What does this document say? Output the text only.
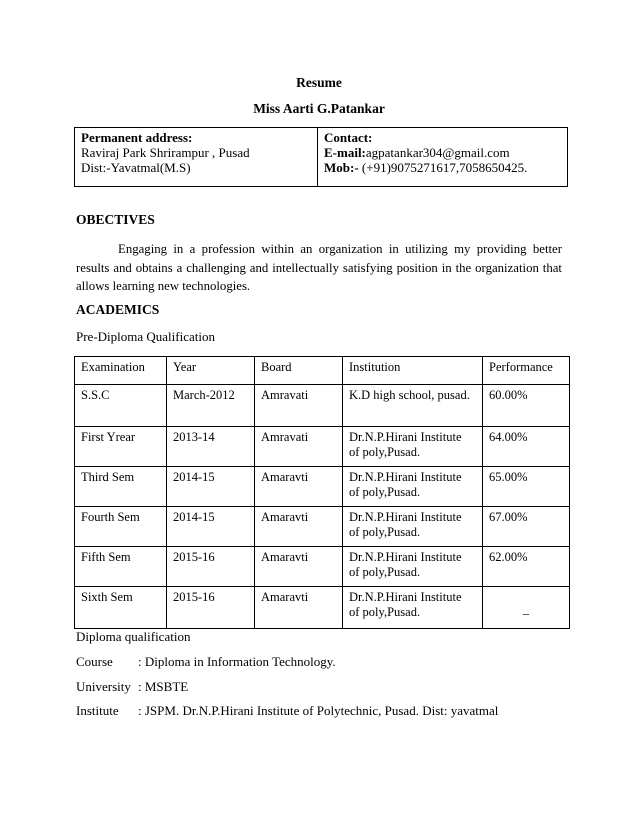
Resume
Miss Aarti G.Patankar
Permanent address:
Raviraj Park Shrirampur , Pusad
Dist:-Yavatmal(M.S)
Contact:
E-mail:agpatankar304@gmail.com
Mob:- (+91)9075271617,7058650425.
OBECTIVES

Engaging in a profession within an organization in utilizing my providing better results and obtains a challenging and intellectually satisfying position in the organization that allows learning new technologies.

ACADEMICS
Pre-Diploma Qualification
Examination	Year	Board	Institution	Performance
S.S.C	March-2012	Amravati	K.D high school, pusad.	60.00%
First Yrear	2013-14	Amravati	Dr.N.P.Hirani Institute
of poly,Pusad.	64.00%
Third Sem	2014-15	Amaravti	Dr.N.P.Hirani Institute
of poly,Pusad.	65.00%
Fourth Sem	2014-15	Amaravti	Dr.N.P.Hirani Institute
of poly,Pusad.	67.00%
Fifth Sem	2015-16	Amaravti	Dr.N.P.Hirani Institute
of poly,Pusad.	62.00%
Sixth Sem	2015-16	Amaravti	Dr.N.P.Hirani Institute
of poly,Pusad.	_
Diploma qualification
Course : Diploma in Information Technology.
University : MSBTE
Institute : JSPM. Dr.N.P.Hirani Institute of Polytechnic, Pusad. Dist: yavatmal
